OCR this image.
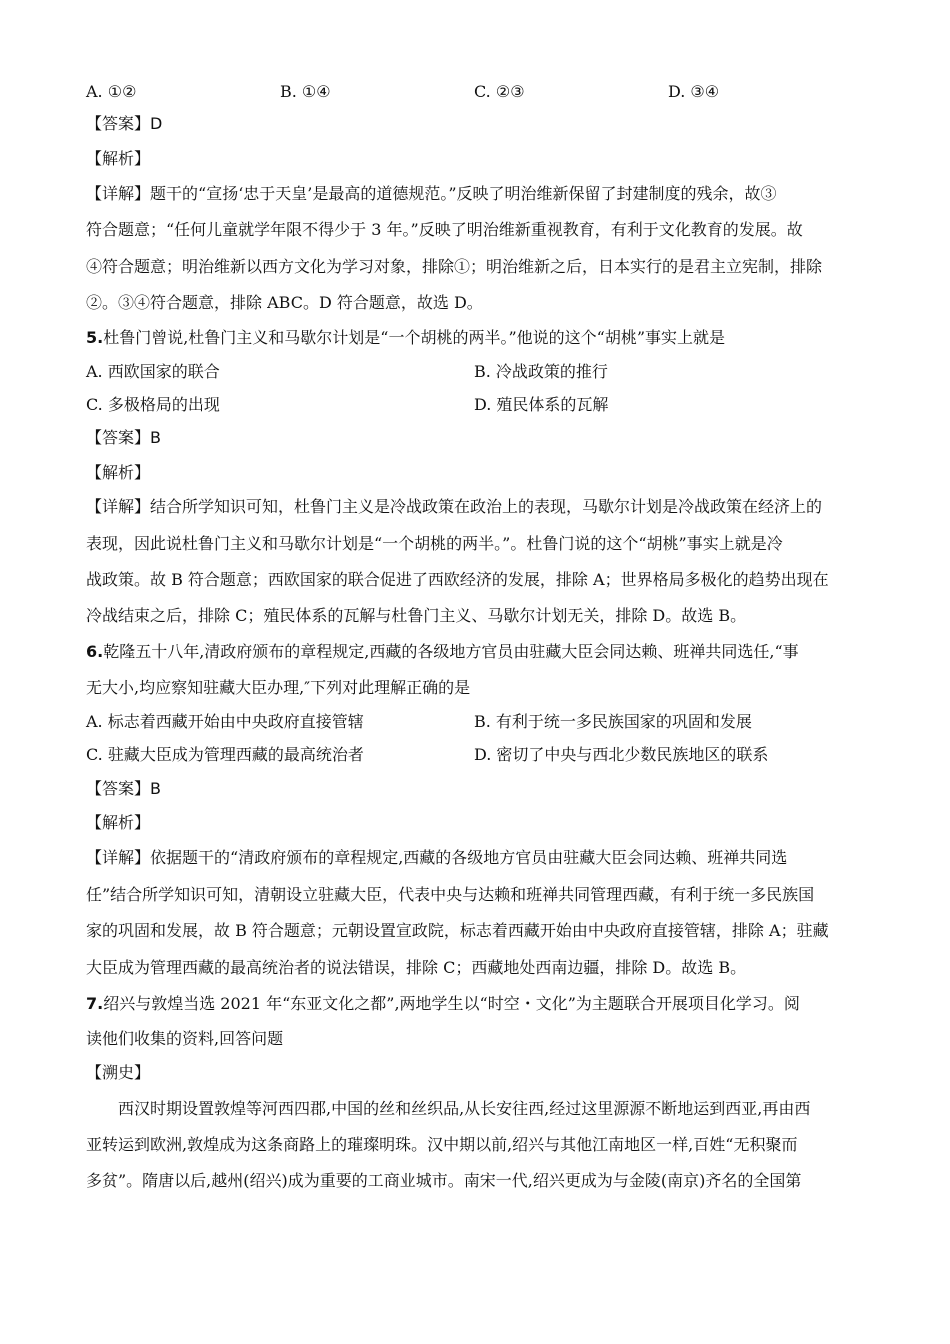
A. ①②	B. ①④	C. ②③	D. ③④
【答案】D
【解析】
【详解】题干的“宣扬‘忠于天皇’是最高的道德规范。”反映了明治维新保留了封建制度的残余，故③
符合题意；“任何儿童就学年限不得少于 3 年。”反映了明治维新重视教育，有利于文化教育的发展。故
④符合题意；明治维新以西方文化为学习对象，排除①；明治维新之后，日本实行的是君主立宪制，排除
②。③④符合题意，排除 ABC。D 符合题意，故选 D。
5.杜鲁门曾说,杜鲁门主义和马歇尔计划是“一个胡桃的两半。”他说的这个“胡桃”事实上就是
A. 西欧国家的联合	B. 冷战政策的推行
C. 多极格局的出现	D. 殖民体系的瓦解
【答案】B
【解析】
【详解】结合所学知识可知，杜鲁门主义是冷战政策在政治上的表现，马歇尔计划是冷战政策在经济上的
表现，因此说杜鲁门主义和马歇尔计划是“一个胡桃的两半。”。杜鲁门说的这个“胡桃”事实上就是冷
战政策。故 B 符合题意；西欧国家的联合促进了西欧经济的发展，排除 A；世界格局多极化的趋势出现在
冷战结束之后，排除 C；殖民体系的瓦解与杜鲁门主义、马歇尔计划无关，排除 D。故选 B。
6.乾隆五十八年,清政府颁布的章程规定,西藏的各级地方官员由驻藏大臣会同达赖、班禅共同选任,“事
无大小,均应察知驻藏大臣办理,″下列对此理解正确的是
A. 标志着西藏开始由中央政府直接管辖	B. 有利于统一多民族国家的巩固和发展
C. 驻藏大臣成为管理西藏的最高统治者	D. 密切了中央与西北少数民族地区的联系
【答案】B
【解析】
【详解】依据题干的“清政府颁布的章程规定,西藏的各级地方官员由驻藏大臣会同达赖、班禅共同选
任”结合所学知识可知，清朝设立驻藏大臣，代表中央与达赖和班禅共同管理西藏，有利于统一多民族国
家的巩固和发展，故 B 符合题意；元朝设置宣政院，标志着西藏开始由中央政府直接管辖，排除 A；驻藏
大臣成为管理西藏的最高统治者的说法错误，排除 C；西藏地处西南边疆，排除 D。故选 B。
7.绍兴与敦煌当选 2021 年“东亚文化之都”,两地学生以“时空・文化”为主题联合开展项目化学习。阅
读他们收集的资料,回答问题
【溯史】
西汉时期设置敦煌等河西四郡,中国的丝和丝织品,从长安往西,经过这里源源不断地运到西亚,再由西
亚转运到欧洲,敦煌成为这条商路上的璀璨明珠。汉中期以前,绍兴与其他江南地区一样,百姓“无积聚而
多贫”。隋唐以后,越州(绍兴)成为重要的工商业城市。南宋一代,绍兴更成为与金陵(南京)齐名的全国第
